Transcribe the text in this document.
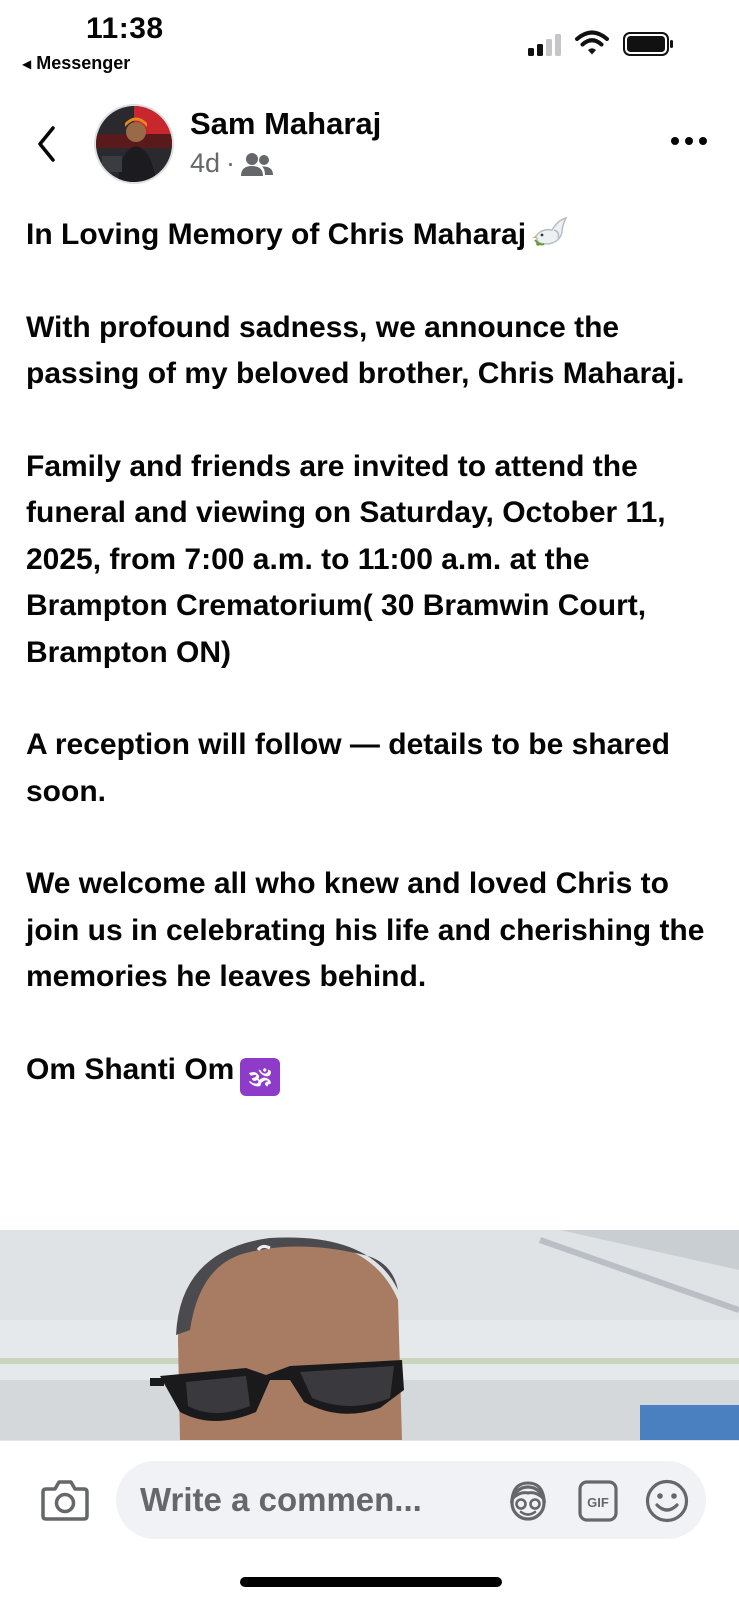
11:38
◀ Messenger
Sam Maharaj
4d ·

In Loving Memory of Chris Maharaj

With profound sadness, we announce the passing of my beloved brother, Chris Maharaj.

Family and friends are invited to attend the funeral and viewing on Saturday, October 11, 2025, from 7:00 a.m. to 11:00 a.m. at the Brampton Crematorium( 30 Bramwin Court, Brampton ON)

A reception will follow — details to be shared soon.

We welcome all who knew and loved Chris to join us in celebrating his life and cherishing the memories he leaves behind.

Om Shanti Om 🕉

Write a commen...	GIF
